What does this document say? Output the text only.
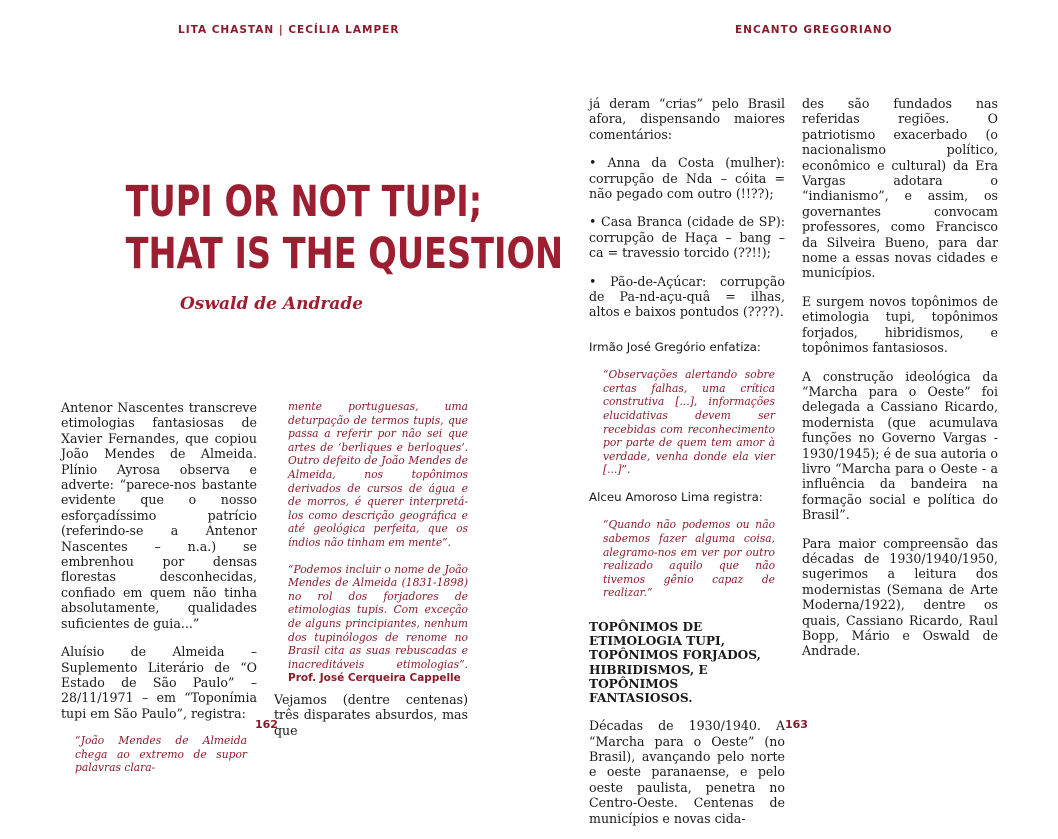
LITA CHASTAN | CECÍLIA LAMPER	ENCANTO GREGORIANO
TUPI OR NOT TUPI;
THAT IS THE QUESTION
Oswald de Andrade

Antenor Nascentes transcreve etimologias fantasiosas de Xavier Fernandes, que copiou João Mendes de Almeida. Plínio Ayrosa observa e adverte: “parece-nos bastante evidente que o nosso esforçadíssimo patrício (referindo-se a Antenor Nascentes – n.a.) se embrenhou por densas florestas desconhecidas, confiado em quem não tinha absolutamente, qualidades suficientes de guia...”

Aluísio de Almeida – Suplemento Literário de “O Estado de São Paulo” – 28/11/1971 – em “Toponímia tupi em São Paulo”, registra:

“João Mendes de Almeida chega ao extremo de supor palavras clara-

mente portuguesas, uma deturpação de termos tupis, que passa a referir por não sei que artes de ‘berliques e berloques’. Outro defeito de João Mendes de Almeida, nos topônimos derivados de cursos de água e de morros, é querer interpretá-los como descrição geográfica e até geológica perfeita, que os índios não tinham em mente”.

“Podemos incluir o nome de João Mendes de Almeida (1831-1898) no rol dos forjadores de etimologias tupis. Com exceção de alguns principiantes, nenhum dos tupinólogos de renome no Brasil cita as suas rebuscadas e inacreditáveis etimologias”. Prof. José Cerqueira Cappelle

Vejamos (dentre centenas) três disparates absurdos, mas que

já deram “crias” pelo Brasil afora, dispensando maiores comentários:

• Anna da Costa (mulher): corrupção de Nda – cóita = não pegado com outro (!!??);

• Casa Branca (cidade de SP): corrupção de Haça – bang – ca = travessio torcido (??!!);

• Pão-de-Açúcar: corrupção de Pa‑nd-açu-quâ = ilhas, altos e baixos pontudos (????).

Irmão José Gregório enfatiza:

“Observações alertando sobre certas falhas, uma crítica construtiva [...], informações elucidativas devem ser recebidas com reconhecimento por parte de quem tem amor à verdade, venha donde ela vier [...]”.

Alceu Amoroso Lima registra:

“Quando não podemos ou não sabemos fazer alguma coisa, alegramo-nos em ver por outro realizado aquilo que não tivemos gênio capaz de realizar.”

TOPÔNIMOS DE ETIMOLOGIA TUPI, TOPÔNIMOS FORJADOS, HIBRIDISMOS, E TOPÔNIMOS FANTASIOSOS.

Décadas de 1930/1940. A “Marcha para o Oeste” (no Brasil), avançando pelo norte e oeste paranaense, e pelo oeste paulista, penetra no Centro-Oeste. Centenas de municípios e novas cida-

des são fundados nas referidas regiões. O patriotismo exacerbado (o nacionalismo político, econômico e cultural) da Era Vargas adotara o “indianismo”, e assim, os governantes convocam professores, como Francisco da Silveira Bueno, para dar nome a essas novas cidades e municípios.

E surgem novos topônimos de etimologia tupi, topônimos forjados, hibridismos, e topônimos fantasiosos.

A construção ideológica da “Marcha para o Oeste” foi delegada a Cassiano Ricardo, modernista (que acumulava funções no Governo Vargas - 1930/1945); é de sua autoria o livro “Marcha para o Oeste - a influência da bandeira na formação social e política do Brasil”.

Para maior compreensão das décadas de 1930/1940/1950, sugerimos a leitura dos modernistas (Semana de Arte Moderna/1922), dentre os quais, Cassiano Ricardo, Raul Bopp, Mário e Oswald de Andrade.

162	163
